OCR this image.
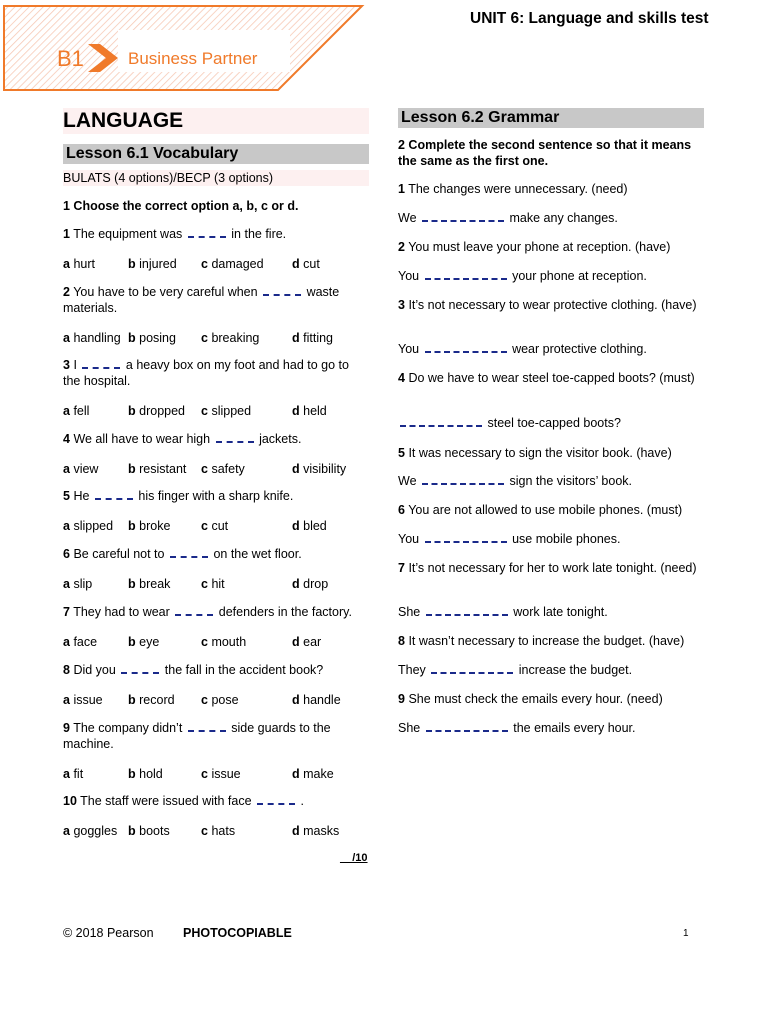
B1	Business Partner
UNIT 6: Language and skills test
LANGUAGE
Lesson 6.1 Vocabulary
BULATS (4 options)/BECP (3 options)
1 Choose the correct option a, b, c or d.
1 The equipment was	in the fire.
a hurt	b injured c damaged d cut
2 You have to be very careful when	waste materials.
a handling b posing c breaking	d fitting
3 I	a heavy box on my foot and had to go to the hospital.
a fell	b dropped c slipped	d held
4 We all have to wear high	jackets.
a view b resistant c safety	d visibility
5 He	his finger with a sharp knife.
a slipped b broke c cut	d bled
6 Be careful not to	on the wet floor.
a slip	b break c hit	d drop
7 They had to wear	defenders in the factory.
a face b eye	c mouth	d ear
8 Did you	the fall in the accident book?
a issue b record c pose	d handle
9 The company didn’t	side guards to the machine.
a fit	b hold	c issue	d make
10 The staff were issued with face	.
a goggles b boots	c hats	d masks
__/10
Lesson 6.2 Grammar
2 Complete the second sentence so that it means the same as the first one.
1 The changes were unnecessary. (need)
We	make any changes.
2 You must leave your phone at reception. (have)
You	your phone at reception.
3 It’s not necessary to wear protective clothing. (have)
You	wear protective clothing.
4 Do we have to wear steel toe-capped boots? (must)
steel toe-capped boots?
5 It was necessary to sign the visitor book. (have)
We	sign the visitors’ book.
6 You are not allowed to use mobile phones. (must)
You	use mobile phones.
7 It’s not necessary for her to work late tonight. (need)
She	work late tonight.
8 It wasn’t necessary to increase the budget. (have)
They	increase the budget.
9 She must check the emails every hour. (need)
She	the emails every hour.
© 2018 Pearson PHOTOCOPIABLE	1
